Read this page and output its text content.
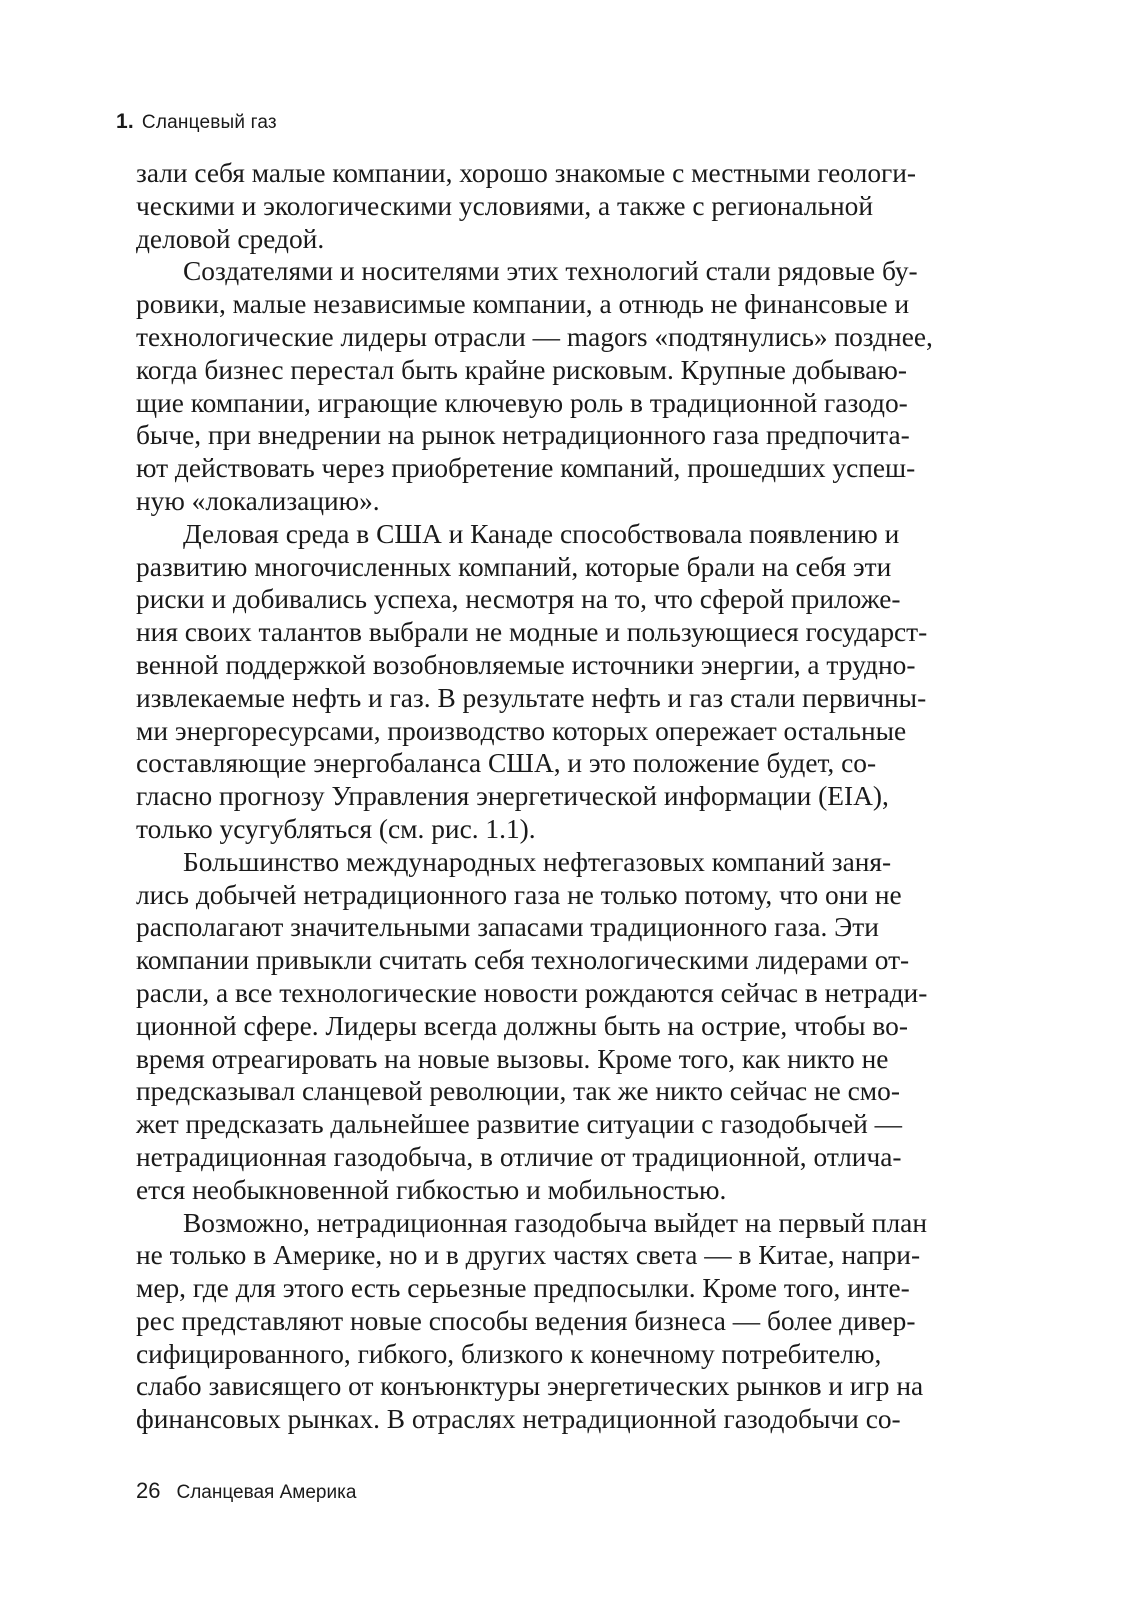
1. Сланцевый газ

зали себя малые компании, хорошо знакомые с местными геологи-
ческими и экологическими условиями, а также с региональной
деловой средой.

Создателями и носителями этих технологий стали рядовые бу-
ровики, малые независимые компании, а отнюдь не финансовые и
технологические лидеры отрасли — magors «подтянулись» позднее,
когда бизнес перестал быть крайне рисковым. Крупные добываю-
щие компании, играющие ключевую роль в традиционной газодо-
быче, при внедрении на рынок нетрадиционного газа предпочита-
ют действовать через приобретение компаний, прошедших успеш-
ную «локализацию».

Деловая среда в США и Канаде способствовала появлению и
развитию многочисленных компаний, которые брали на себя эти
риски и добивались успеха, несмотря на то, что сферой приложе-
ния своих талантов выбрали не модные и пользующиеся государст-
венной поддержкой возобновляемые источники энергии, а трудно-
извлекаемые нефть и газ. В результате нефть и газ стали первичны-
ми энергоресурсами, производство которых опережает остальные
составляющие энергобаланса США, и это положение будет, со-
гласно прогнозу Управления энергетической информации (EIA),
только усугубляться (см. рис. 1.1).

Большинство международных нефтегазовых компаний заня-
лись добычей нетрадиционного газа не только потому, что они не
располагают значительными запасами традиционного газа. Эти
компании привыкли считать себя технологическими лидерами от-
расли, а все технологические новости рождаются сейчас в нетради-
ционной сфере. Лидеры всегда должны быть на острие, чтобы во-
время отреагировать на новые вызовы. Кроме того, как никто не
предсказывал сланцевой революции, так же никто сейчас не смо-
жет предсказать дальнейшее развитие ситуации с газодобычей —
нетрадиционная газодобыча, в отличие от традиционной, отлича-
ется необыкновенной гибкостью и мобильностью.

Возможно, нетрадиционная газодобыча выйдет на первый план
не только в Америке, но и в других частях света — в Китае, напри-
мер, где для этого есть серьезные предпосылки. Кроме того, инте-
рес представляют новые способы ведения бизнеса — более дивер-
сифицированного, гибкого, близкого к конечному потребителю,
слабо зависящего от конъюнктуры энергетических рынков и игр на
финансовых рынках. В отраслях нетрадиционной газодобычи со-

26 Сланцевая Америка
